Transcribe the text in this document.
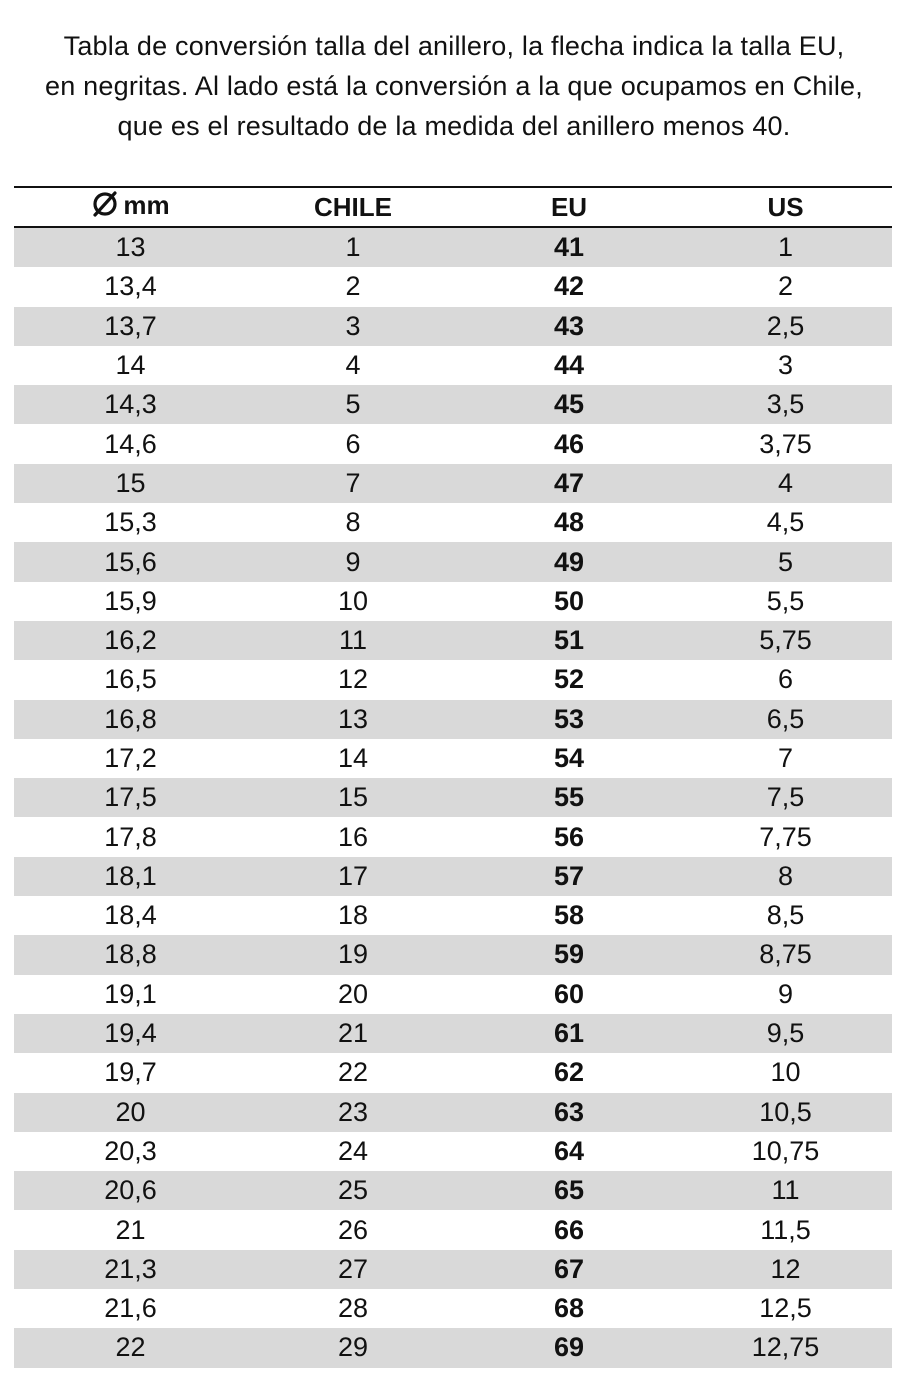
Tabla de conversión talla del anillero, la flecha indica la talla EU,
en negritas. Al lado está la conversión a la que ocupamos en Chile,
que es el resultado de la medida del anillero menos 40.
mm	CHILE	EU	US
13	1	41	1
13,4	2	42	2
13,7	3	43	2,5
14	4	44	3
14,3	5	45	3,5
14,6	6	46	3,75
15	7	47	4
15,3	8	48	4,5
15,6	9	49	5
15,9	10	50	5,5
16,2	11	51	5,75
16,5	12	52	6
16,8	13	53	6,5
17,2	14	54	7
17,5	15	55	7,5
17,8	16	56	7,75
18,1	17	57	8
18,4	18	58	8,5
18,8	19	59	8,75
19,1	20	60	9
19,4	21	61	9,5
19,7	22	62	10
20	23	63	10,5
20,3	24	64	10,75
20,6	25	65	11
21	26	66	11,5
21,3	27	67	12
21,6	28	68	12,5
22	29	69	12,75
